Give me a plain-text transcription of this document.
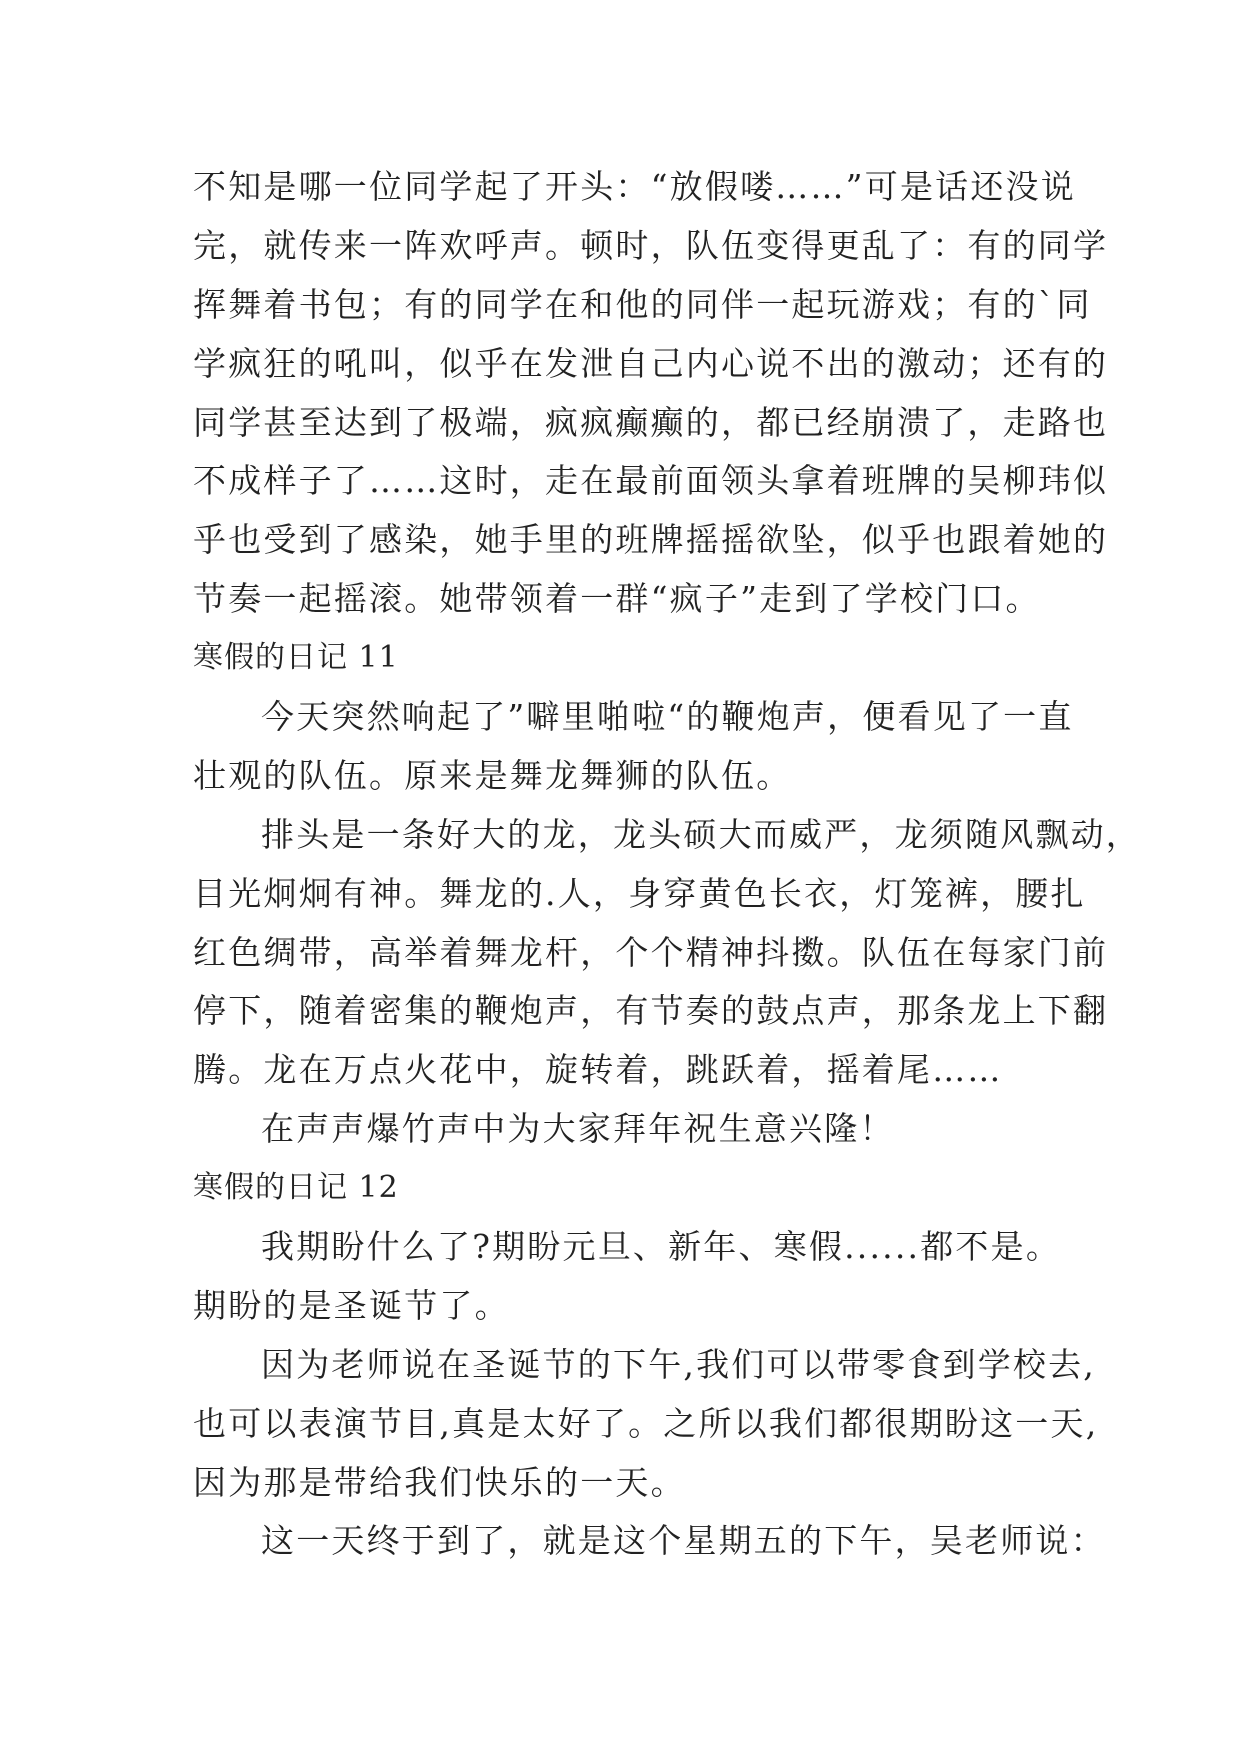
不知是哪一位同学起了开头：“放假喽……”可是话还没说
完，就传来一阵欢呼声。顿时，队伍变得更乱了：有的同学
挥舞着书包；有的同学在和他的同伴一起玩游戏；有的`同
学疯狂的吼叫，似乎在发泄自己内心说不出的激动；还有的
同学甚至达到了极端，疯疯癫癫的，都已经崩溃了，走路也
不成样子了……这时，走在最前面领头拿着班牌的吴柳玮似
乎也受到了感染，她手里的班牌摇摇欲坠，似乎也跟着她的
节奏一起摇滚。她带领着一群“疯子”走到了学校门口。
寒假的日记 11
今天突然响起了”噼里啪啦“的鞭炮声，便看见了一直
壮观的队伍。原来是舞龙舞狮的队伍。
排头是一条好大的龙，龙头硕大而威严，龙须随风飘动，
目光炯炯有神。舞龙的.人，身穿黄色长衣，灯笼裤，腰扎
红色绸带，高举着舞龙杆，个个精神抖擞。队伍在每家门前
停下，随着密集的鞭炮声，有节奏的鼓点声，那条龙上下翻
腾。龙在万点火花中，旋转着，跳跃着，摇着尾……
在声声爆竹声中为大家拜年祝生意兴隆！
寒假的日记 12
我期盼什么了?期盼元旦、新年、寒假......都不是。
期盼的是圣诞节了。
因为老师说在圣诞节的下午,我们可以带零食到学校去,
也可以表演节目,真是太好了。之所以我们都很期盼这一天,
因为那是带给我们快乐的一天。
这一天终于到了，就是这个星期五的下午，吴老师说：
